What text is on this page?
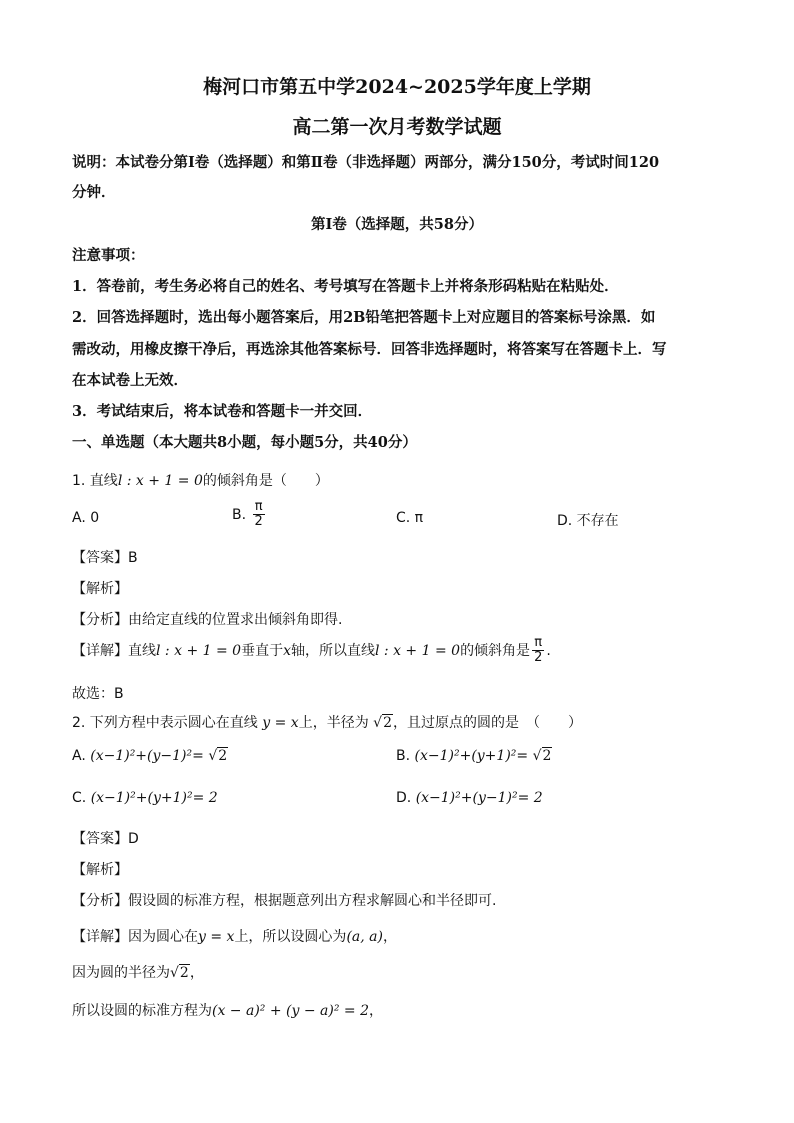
梅河口市第五中学2024~2025学年度上学期
高二第一次月考数学试题
说明：本试卷分第Ⅰ卷（选择题）和第Ⅱ卷（非选择题）两部分，满分150分，考试时间120
分钟．
第Ⅰ卷（选择题，共58分）
注意事项：
1．答卷前，考生务必将自己的姓名、考号填写在答题卡上并将条形码粘贴在粘贴处．
2．回答选择题时，选出每小题答案后，用2B铅笔把答题卡上对应题目的答案标号涂黑．如
需改动，用橡皮擦干净后，再选涂其他答案标号．回答非选择题时，将答案写在答题卡上．写
在本试卷上无效．
3．考试结束后，将本试卷和答题卡一并交回．
一、单选题（本大题共8小题，每小题5分，共40分）
1. 直线l : x + 1 = 0的倾斜角是（　　）
A. 0	B. $\frac{\pi}{2}$	C. π	D. 不存在
【答案】B
【解析】
【分析】由给定直线的位置求出倾斜角即得.
【详解】直线l : x + 1 = 0垂直于x轴，所以直线l : x + 1 = 0的倾斜角是 $\frac{\pi}{2}$ .
故选：B
2. 下列方程中表示圆心在直线 y = x上，半径为 √2，且过原点的圆的是　（　　）
A. (x−1)²+(y−1)²= √2	B. (x−1)²+(y+1)²= √2
C. (x−1)²+(y+1)²= 2	D. (x−1)²+(y−1)²= 2
【答案】D
【解析】
【分析】假设圆的标准方程，根据题意列出方程求解圆心和半径即可.
【详解】因为圆心在y = x上，所以设圆心为(a, a)，
因为圆的半径为√2，
所以设圆的标准方程为(x − a)² + (y − a)² = 2，
